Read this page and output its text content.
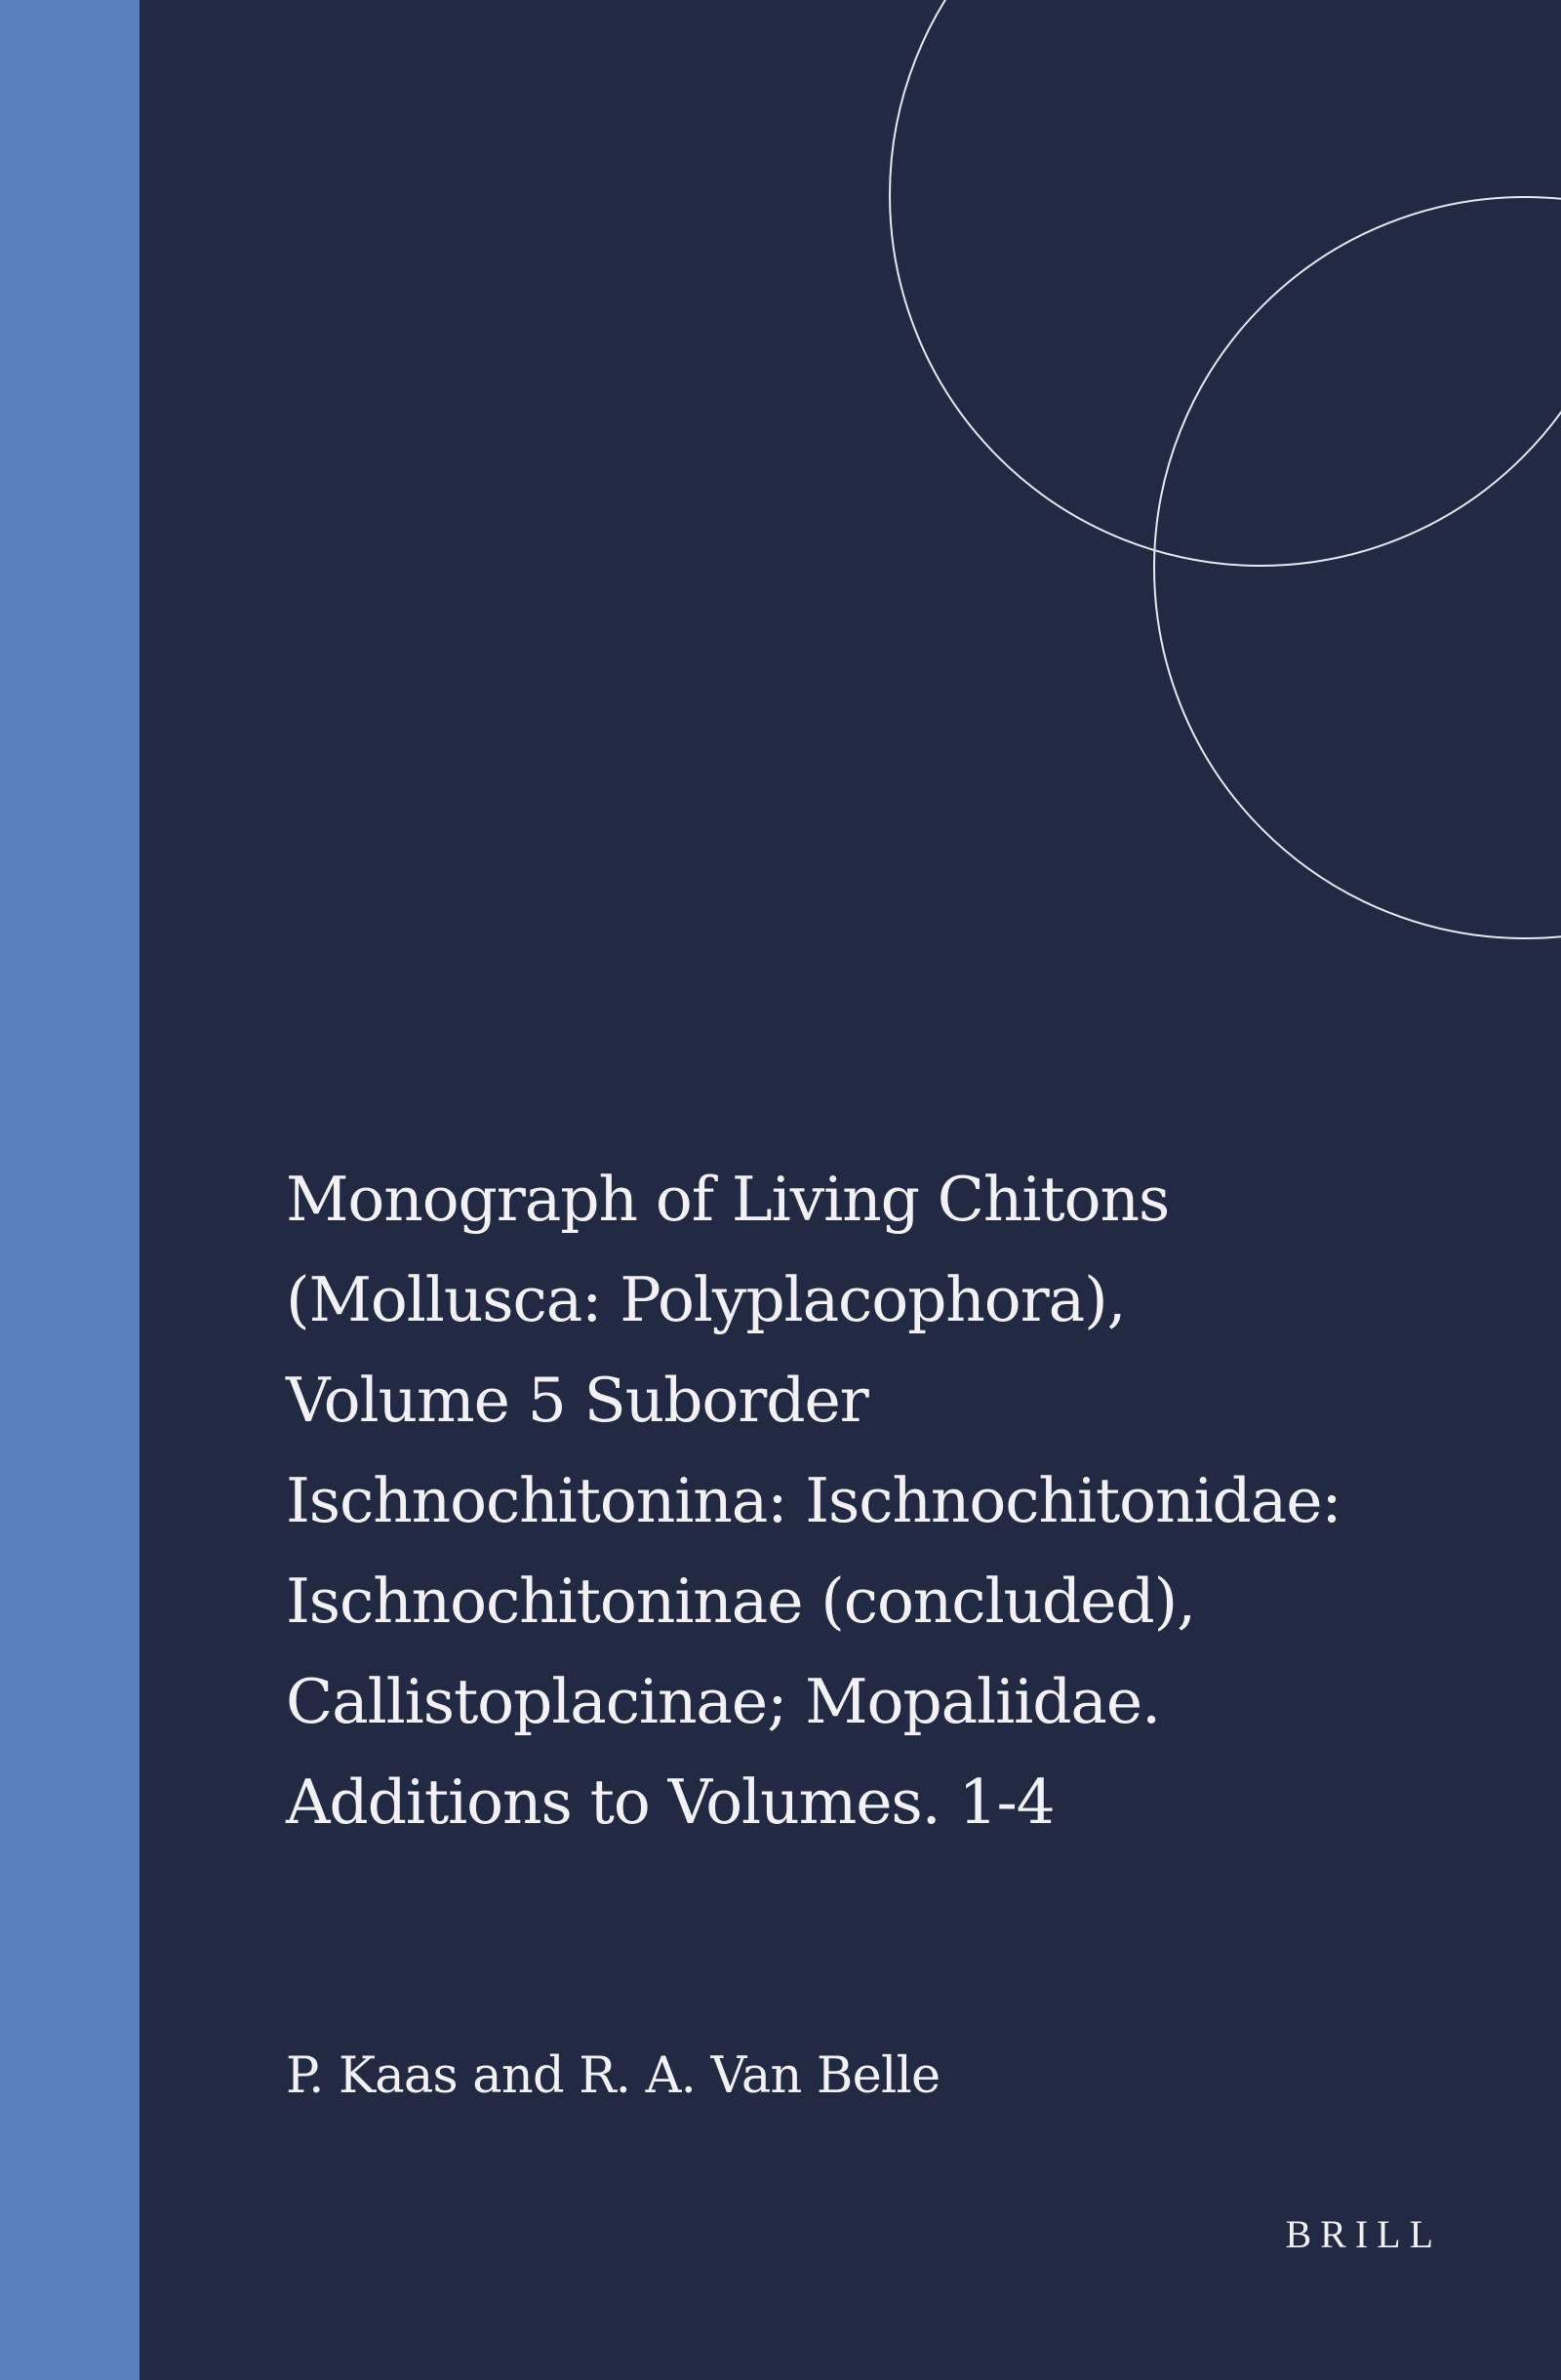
Monograph of Living Chitons
(Mollusca: Polyplacophora),
Volume 5 Suborder
Ischnochitonina: Ischnochitonidae:
Ischnochitoninae (concluded),
Callistoplacinae; Mopaliidae.
Additions to Volumes. 1-4

P. Kaas and R. A. Van Belle

BRILL
